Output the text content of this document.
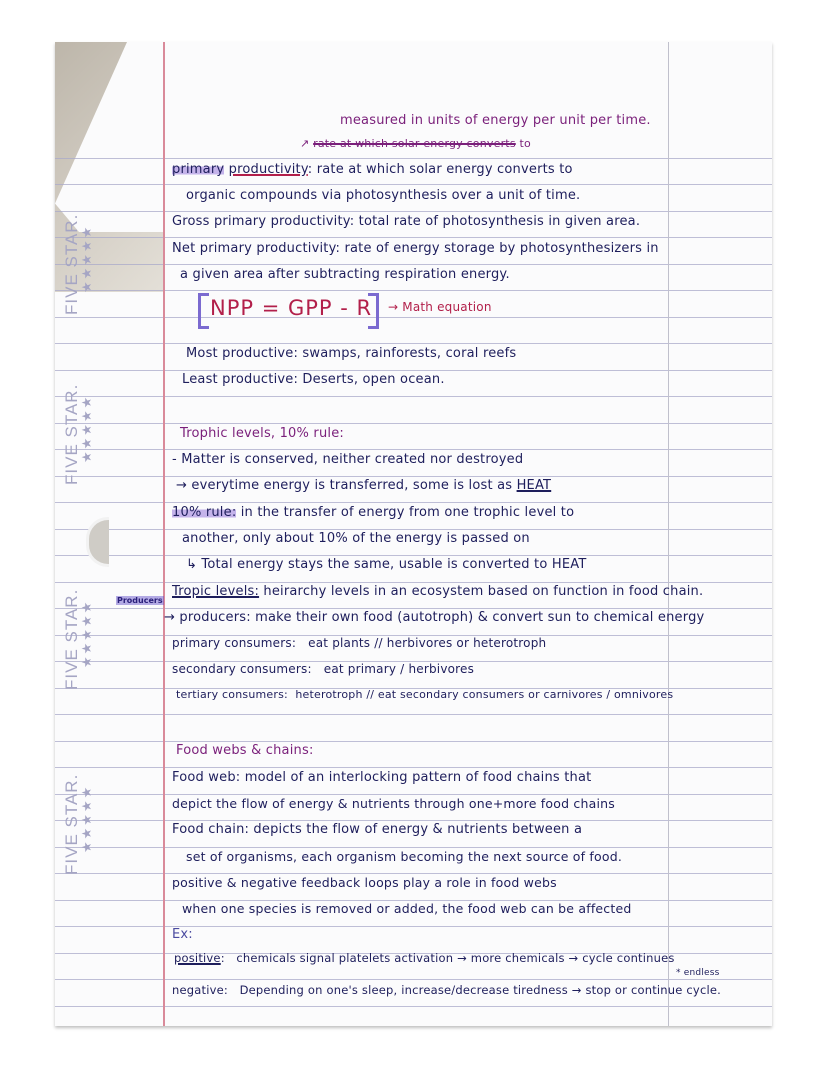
FIVE STAR. ★★★★★
FIVE STAR. ★★★★★
FIVE STAR. ★★★★★
FIVE STAR. ★★★★★
measured in units of energy per unit per time.
↗ rate at which solar energy converts to
primary productivity: rate at which solar energy converts to
organic compounds via photosynthesis over a unit of time.
Gross primary productivity: total rate of photosynthesis in given area.
Net primary productivity: rate of energy storage by photosynthesizers in
a given area after subtracting respiration energy.
NPP = GPP - R → Math equation
Most productive: swamps, rainforests, coral reefs
Least productive: Deserts, open ocean.
Trophic levels, 10% rule:
- Matter is conserved, neither created nor destroyed
→ everytime energy is transferred, some is lost as HEAT
10% rule: in the transfer of energy from one trophic level to
another, only about 10% of the energy is passed on
↳ Total energy stays the same, usable is converted to HEAT
Tropic levels: heirarchy levels in an ecosystem based on function in food chain.
Producers
→ producers: make their own food (autotroph) & convert sun to chemical energy
primary consumers: eat plants // herbivores or heterotroph
secondary consumers: eat primary / herbivores
tertiary consumers: heterotroph // eat secondary consumers or carnivores / omnivores
Food webs & chains:
Food web: model of an interlocking pattern of food chains that
depict the flow of energy & nutrients through one+more food chains
Food chain: depicts the flow of energy & nutrients between a
set of organisms, each organism becoming the next source of food.
positive & negative feedback loops play a role in food webs
when one species is removed or added, the food web can be affected
Ex:
positive: chemicals signal platelets activation → more chemicals → cycle continues
* endless
negative: Depending on one's sleep, increase/decrease tiredness → stop or continue cycle.
